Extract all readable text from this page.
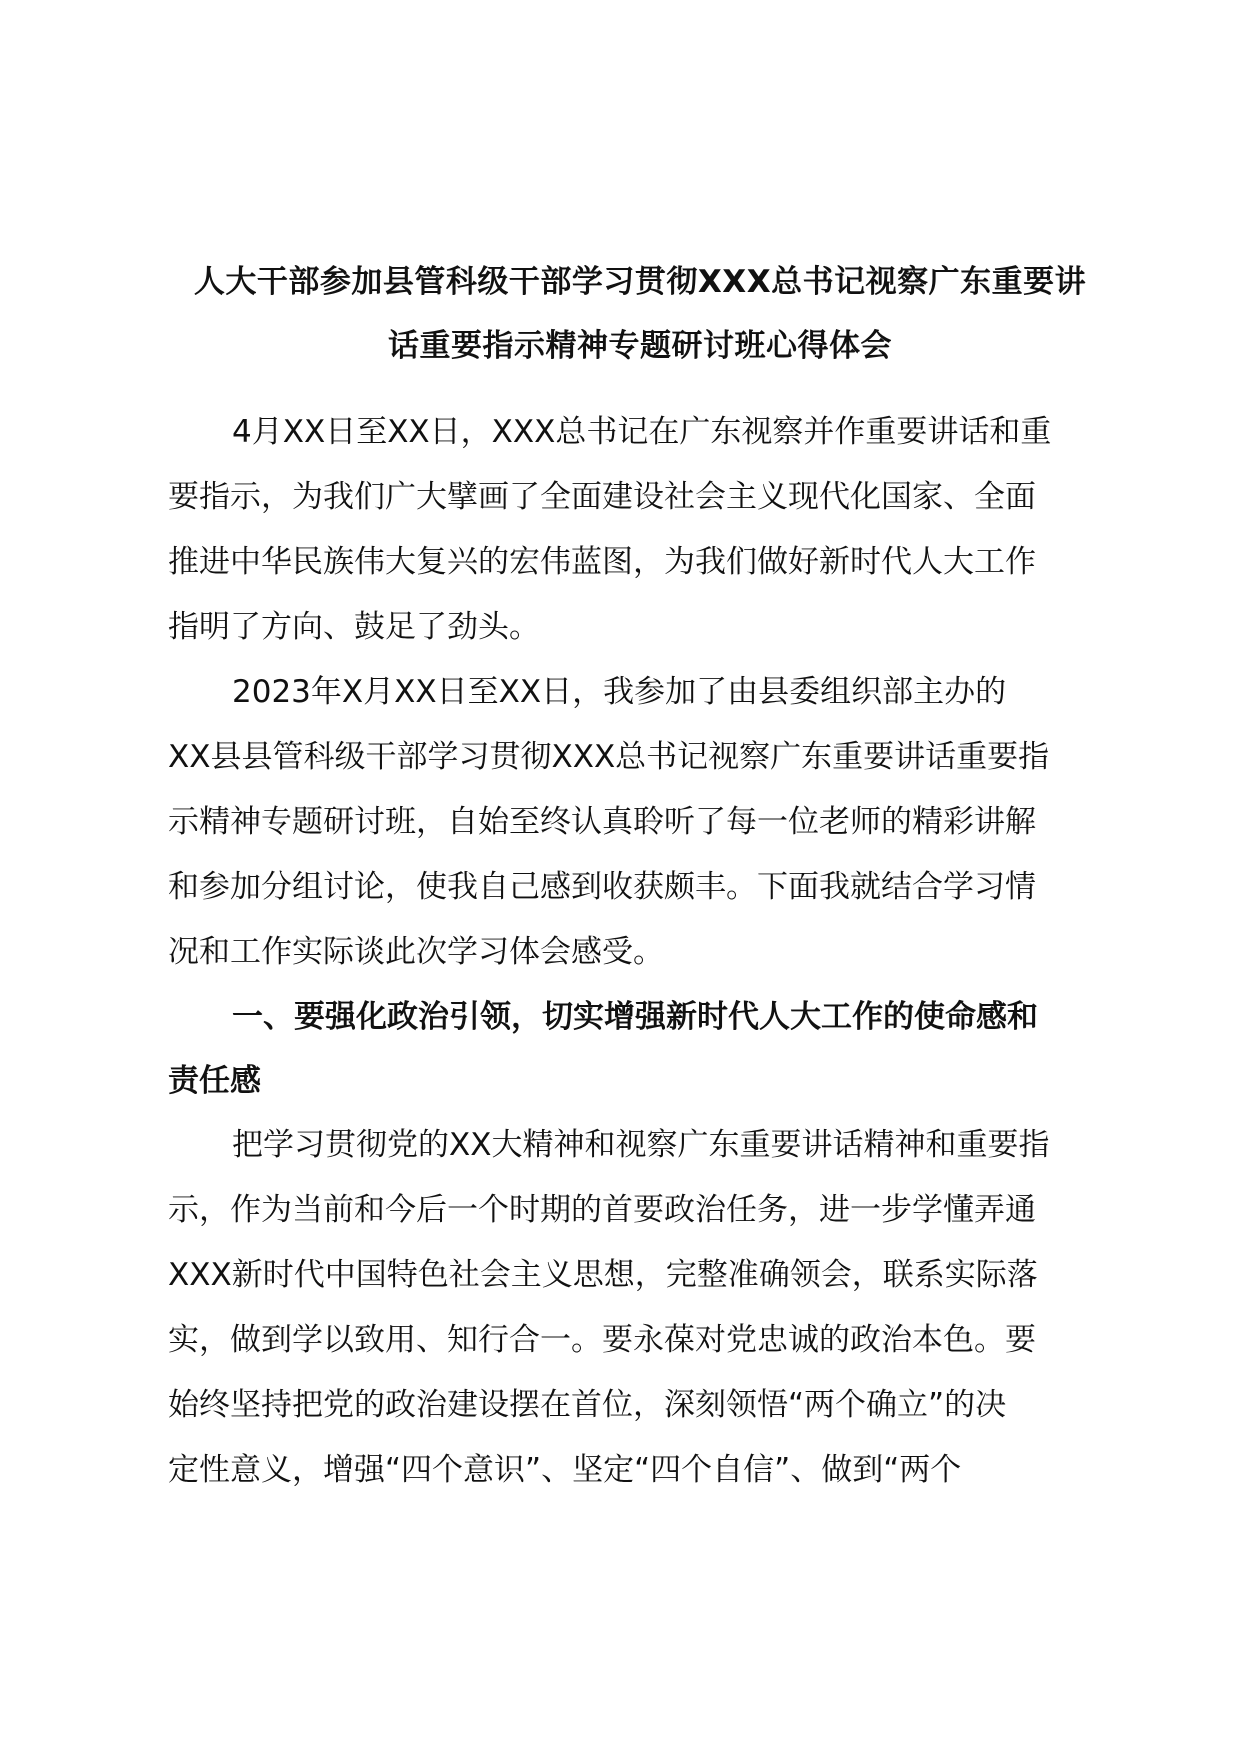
人大干部参加县管科级干部学习贯彻XXX总书记视察广东重要讲
话重要指示精神专题研讨班心得体会

4月XX日至XX日，XXX总书记在广东视察并作重要讲话和重
要指示，为我们广大擘画了全面建设社会主义现代化国家、全面
推进中华民族伟大复兴的宏伟蓝图，为我们做好新时代人大工作
指明了方向、鼓足了劲头。

2023年X月XX日至XX日，我参加了由县委组织部主办的
XX县县管科级干部学习贯彻XXX总书记视察广东重要讲话重要指
示精神专题研讨班，自始至终认真聆听了每一位老师的精彩讲解
和参加分组讨论，使我自己感到收获颇丰。下面我就结合学习情
况和工作实际谈此次学习体会感受。

一、要强化政治引领，切实增强新时代人大工作的使命感和
责任感

把学习贯彻党的XX大精神和视察广东重要讲话精神和重要指
示，作为当前和今后一个时期的首要政治任务，进一步学懂弄通
XXX新时代中国特色社会主义思想，完整准确领会，联系实际落
实，做到学以致用、知行合一。要永葆对党忠诚的政治本色。要
始终坚持把党的政治建设摆在首位，深刻领悟“两个确立”的决
定性意义，增强“四个意识”、坚定“四个自信”、做到“两个
